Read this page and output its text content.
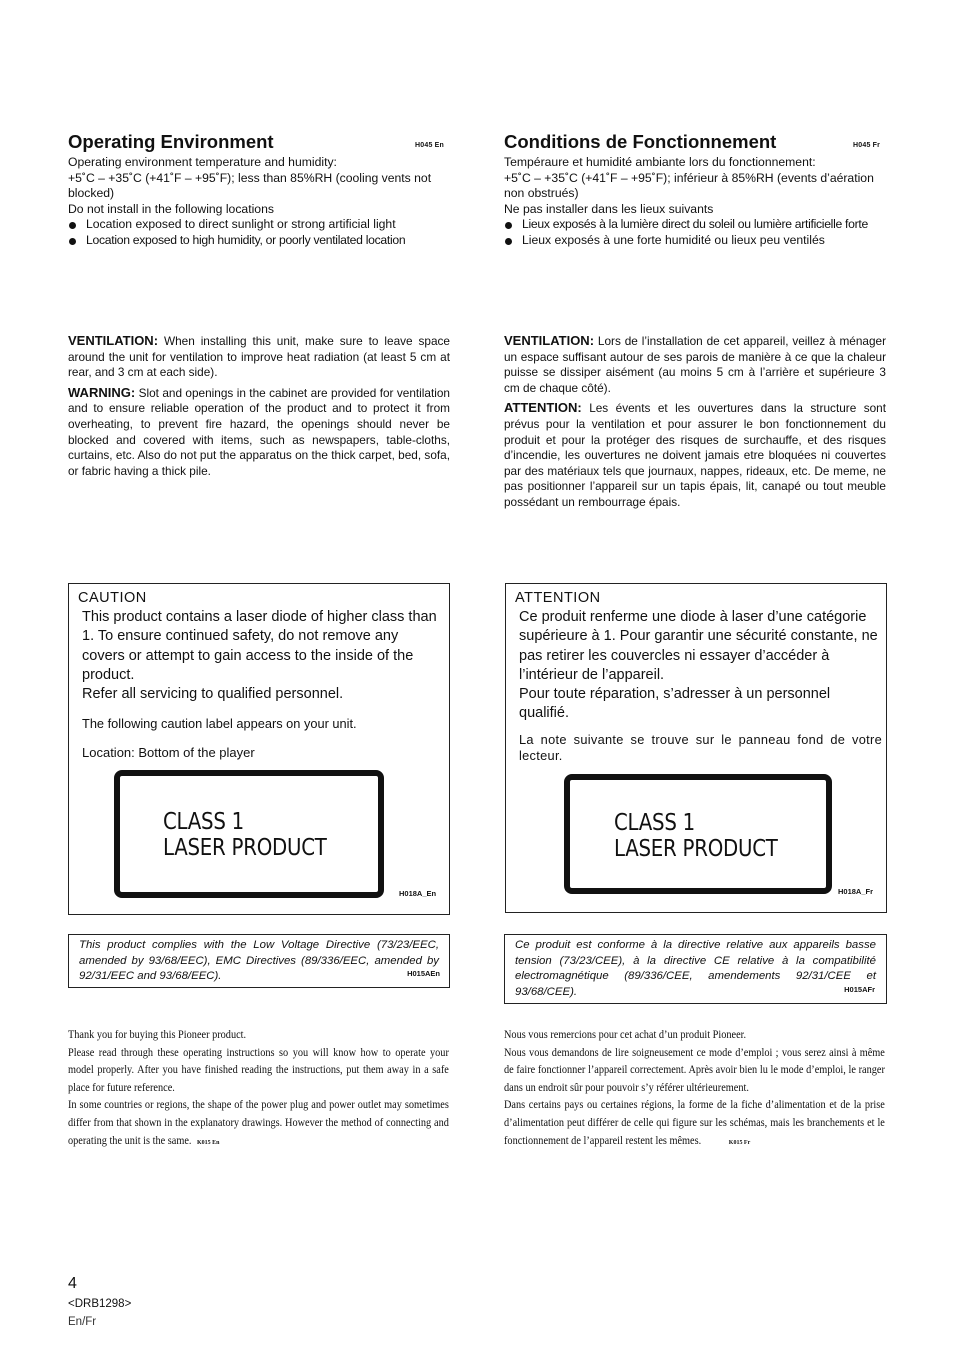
Operating Environment	H045 En

Operating environment temperature and humidity:

+5˚C – +35˚C (+41˚F – +95˚F); less than 85%RH (cooling vents not blocked)

Do not install in the following locations

Location exposed to direct sunlight or strong artificial light
Location exposed to high humidity, or poorly ventilated location

VENTILATION: When installing this unit, make sure to leave space around the unit for ventilation to improve heat radiation (at least 5 cm at rear, and 3 cm at each side).

WARNING: Slot and openings in the cabinet are provided for ventilation and to ensure reliable operation of the product and to protect it from overheating, to prevent fire hazard, the openings should never be blocked and covered with items, such as newspapers, table-cloths, curtains, etc. Also do not put the apparatus on the thick carpet, bed, sofa, or fabric having a thick pile.

CAUTION

This product contains a laser diode of higher class than 1. To ensure continued safety, do not remove any covers or attempt to gain access to the inside of the product.

Refer all servicing to qualified personnel.

The following caution label appears on your unit.
Location: Bottom of the player
CLASS 1
LASER PRODUCT
H018A_En
This product complies with the Low Voltage Directive (73/23/EEC, amended by 93/68/EEC), EMC Directives (89/336/EEC, amended by 92/31/EEC and 93/68/EEC).	H015AEn

Thank you for buying this Pioneer product.

Please read through these operating instructions so you will know how to operate your model properly. After you have finished reading the instructions, put them away in a safe place for future reference.

In some countries or regions, the shape of the power plug and power outlet may sometimes differ from that shown in the explanatory drawings. However the method of connecting and operating the unit is the same. K015 En

Conditions de Fonctionnement	H045 Fr

Tempéraure et humidité ambiante lors du fonctionnement:

+5˚C – +35˚C (+41˚F – +95˚F); inférieur à 85%RH (events d’aération non obstrués)

Ne pas installer dans les lieux suivants

Lieux exposés à la lumière direct du soleil ou lumière artificielle forte
Lieux exposés à une forte humidité ou lieux peu ventilés

VENTILATION: Lors de l’installation de cet appareil, veillez à ménager un espace suffisant autour de ses parois de manière à ce que la chaleur puisse se dissiper aisément (au moins 5 cm à l’arrière et supérieure 3 cm de chaque côté).

ATTENTION: Les évents et les ouvertures dans la structure sont prévus pour la ventilation et pour assurer le bon fonctionnement du produit et pour la protéger des risques de surchauffe, et des risques d’incendie, les ouvertures ne doivent jamais etre bloquées ni couvertes par des matériaux tels que journaux, nappes, rideaux, etc. De meme, ne pas positionner l’appareil sur un tapis épais, lit, canapé ou tout meuble possédant un rembourrage épais.

ATTENTION

Ce produit renferme une diode à laser d’une catégorie supérieure à 1. Pour garantir une sécurité constante, ne pas retirer les couvercles ni essayer d’accéder à l’intérieur de l’appareil.

Pour toute réparation, s’adresser à un personnel qualifié.

La note suivante se trouve sur le panneau fond de votre lecteur.
CLASS 1
LASER PRODUCT
H018A_Fr
Ce produit est conforme à la directive relative aux appareils basse tension (73/23/CEE), à la directive CE relative à la compatibilité electromagnétique (89/336/CEE, amendements 92/31/CEE et 93/68/CEE).	H015AFr

Nous vous remercions pour cet achat d’un produit Pioneer.

Nous vous demandons de lire soigneusement ce mode d’emploi ; vous serez ainsi à même de faire fonctionner l’appareil correctement. Après avoir bien lu le mode d’emploi, le ranger dans un endroit sûr pour pouvoir s’y référer ultérieurement.

Dans certains pays ou certaines régions, la forme de la fiche d’alimentation et de la prise d’alimentation peut différer de celle qui figure sur les schémas, mais les branchements et le fonctionnement de l’appareil restent les mêmes.	K015 Fr

4
<DRB1298>
En/Fr
